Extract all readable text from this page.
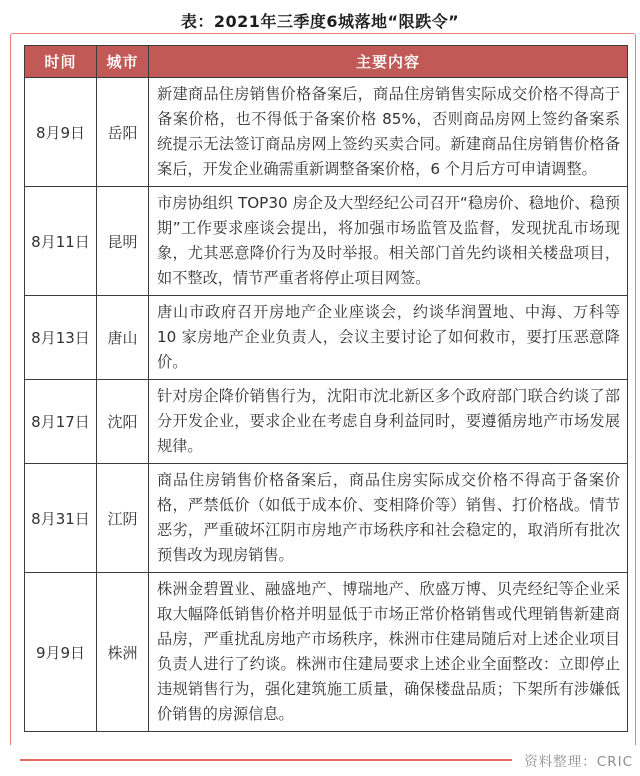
表：2021年三季度6城落地“限跌令”
时间	城市	主要内容
8月9日	岳阳	新建商品住房销售价格备案后，商品住房销售实际成交价格不得高于备案价格，也不得低于备案价格 85%，否则商品房网上签约备案系统提示无法签订商品房网上签约买卖合同。新建商品住房销售价格备案后，开发企业确需重新调整备案价格，6 个月后方可申请调整。
8月11日	昆明	市房协组织 TOP30 房企及大型经纪公司召开“稳房价、稳地价、稳预期”工作要求座谈会提出，将加强市场监管及监督，发现扰乱市场现象，尤其恶意降价行为及时举报。相关部门首先约谈相关楼盘项目，如不整改，情节严重者将停止项目网签。
8月13日	唐山	唐山市政府召开房地产企业座谈会，约谈华润置地、中海、万科等 10 家房地产企业负责人，会议主要讨论了如何救市，要打压恶意降价。
8月17日	沈阳	针对房企降价销售行为，沈阳市沈北新区多个政府部门联合约谈了部分开发企业，要求企业在考虑自身利益同时，要遵循房地产市场发展规律。
8月31日	江阴	商品住房销售价格备案后，商品住房实际成交价格不得高于备案价格，严禁低价（如低于成本价、变相降价等）销售、打价格战。情节恶劣，严重破坏江阴市房地产市场秩序和社会稳定的，取消所有批次预售改为现房销售。
9月9日	株洲	株洲金碧置业、融盛地产、博瑞地产、欣盛万博、贝壳经纪等企业采取大幅降低销售价格并明显低于市场正常价格销售或代理销售新建商品房，严重扰乱房地产市场秩序，株洲市住建局随后对上述企业项目负责人进行了约谈。株洲市住建局要求上述企业全面整改：立即停止违规销售行为，强化建筑施工质量，确保楼盘品质；下架所有涉嫌低价销售的房源信息。
资料整理：CRIC
